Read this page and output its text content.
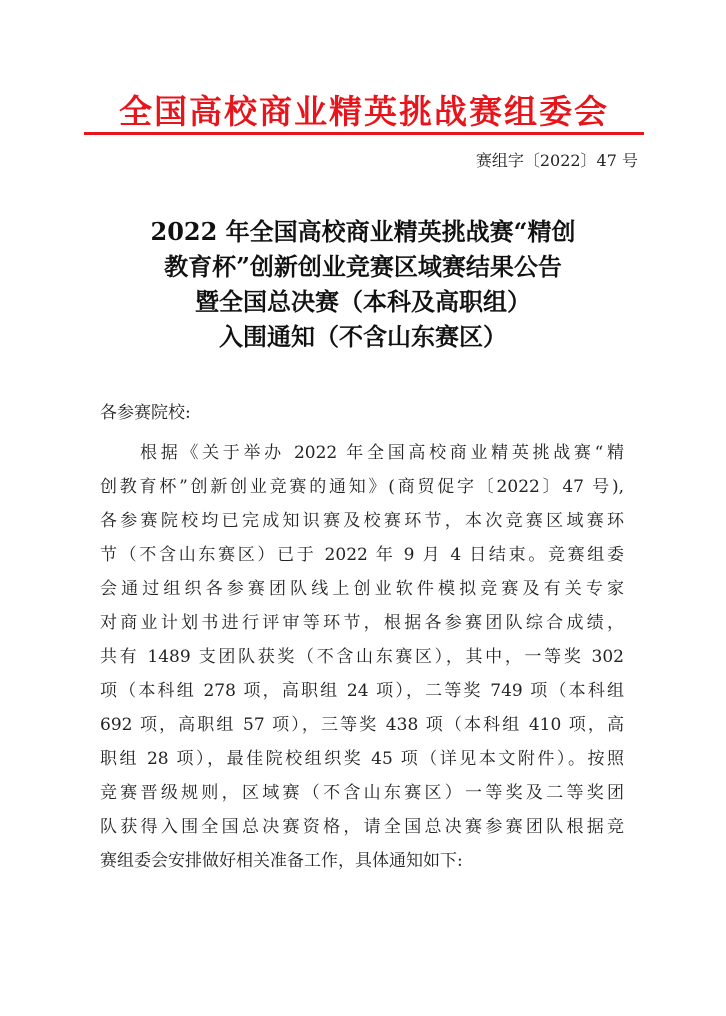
全国高校商业精英挑战赛组委会
赛组字〔2022〕47 号
2022 年全国高校商业精英挑战赛“精创
教育杯”创新创业竞赛区域赛结果公告
暨全国总决赛（本科及高职组）
入围通知（不含山东赛区）
各参赛院校:
根据《关于举办 2022 年全国高校商业精英挑战赛“精
创教育杯”创新创业竞赛的通知》(商贸促字〔2022〕47 号),
各参赛院校均已完成知识赛及校赛环节，本次竞赛区域赛环
节（不含山东赛区）已于 2022 年 9 月 4 日结束。竞赛组委
会通过组织各参赛团队线上创业软件模拟竞赛及有关专家
对商业计划书进行评审等环节，根据各参赛团队综合成绩，
共有 1489 支团队获奖（不含山东赛区），其中，一等奖 302
项（本科组 278 项，高职组 24 项），二等奖 749 项（本科组
692 项，高职组 57 项），三等奖 438 项（本科组 410 项，高
职组 28 项），最佳院校组织奖 45 项（详见本文附件）。按照
竞赛晋级规则，区域赛（不含山东赛区）一等奖及二等奖团
队获得入围全国总决赛资格，请全国总决赛参赛团队根据竞
赛组委会安排做好相关准备工作，具体通知如下:
